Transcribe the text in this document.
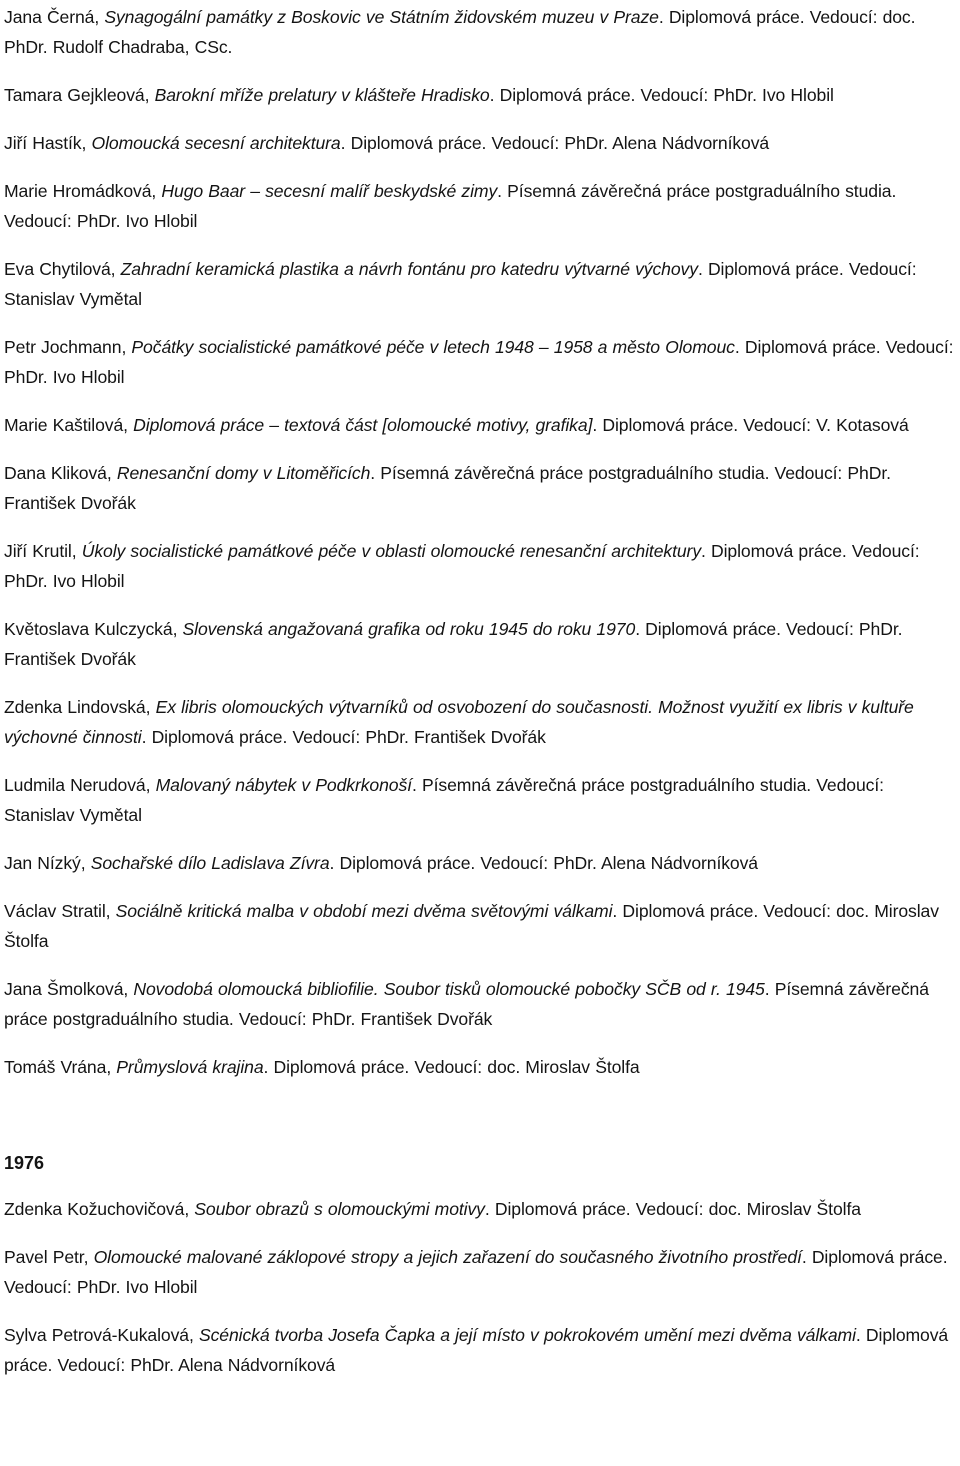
Jana Černá, Synagogální památky z Boskovic ve Státním židovském muzeu v Praze. Diplomová práce. Vedoucí: doc. PhDr. Rudolf Chadraba, CSc.

Tamara Gejkleová, Barokní mříže prelatury v klášteře Hradisko. Diplomová práce. Vedoucí: PhDr. Ivo Hlobil

Jiří Hastík, Olomoucká secesní architektura. Diplomová práce. Vedoucí: PhDr. Alena Nádvorníková

Marie Hromádková, Hugo Baar – secesní malíř beskydské zimy. Písemná závěrečná práce postgraduálního studia. Vedoucí: PhDr. Ivo Hlobil

Eva Chytilová, Zahradní keramická plastika a návrh fontánu pro katedru výtvarné výchovy. Diplomová práce. Vedoucí: Stanislav Vymětal

Petr Jochmann, Počátky socialistické památkové péče v letech 1948 – 1958 a město Olomouc. Diplomová práce. Vedoucí: PhDr. Ivo Hlobil

Marie Kaštilová, Diplomová práce – textová část [olomoucké motivy, grafika]. Diplomová práce. Vedoucí: V. Kotasová

Dana Kliková, Renesanční domy v Litoměřicích. Písemná závěrečná práce postgraduálního studia. Vedoucí: PhDr. František Dvořák

Jiří Krutil, Úkoly socialistické památkové péče v oblasti olomoucké renesanční architektury. Diplomová práce. Vedoucí: PhDr. Ivo Hlobil

Květoslava Kulczycká, Slovenská angažovaná grafika od roku 1945 do roku 1970. Diplomová práce. Vedoucí: PhDr. František Dvořák

Zdenka Lindovská, Ex libris olomouckých výtvarníků od osvobození do současnosti. Možnost využití ex libris v kultuře výchovné činnosti. Diplomová práce. Vedoucí: PhDr. František Dvořák

Ludmila Nerudová, Malovaný nábytek v Podkrkonoší. Písemná závěrečná práce postgraduálního studia. Vedoucí: Stanislav Vymětal

Jan Nízký, Sochařské dílo Ladislava Zívra. Diplomová práce. Vedoucí: PhDr. Alena Nádvorníková

Václav Stratil, Sociálně kritická malba v období mezi dvěma světovými válkami. Diplomová práce. Vedoucí: doc. Miroslav Štolfa

Jana Šmolková, Novodobá olomoucká bibliofilie. Soubor tisků olomoucké pobočky SČB od r. 1945. Písemná závěrečná práce postgraduálního studia. Vedoucí: PhDr. František Dvořák

Tomáš Vrána, Průmyslová krajina. Diplomová práce. Vedoucí: doc. Miroslav Štolfa

1976

Zdenka Kožuchovičová, Soubor obrazů s olomouckými motivy. Diplomová práce. Vedoucí: doc. Miroslav Štolfa

Pavel Petr, Olomoucké malované záklopové stropy a jejich zařazení do současného životního prostředí. Diplomová práce. Vedoucí: PhDr. Ivo Hlobil

Sylva Petrová-Kukalová, Scénická tvorba Josefa Čapka a její místo v pokrokovém umění mezi dvěma válkami. Diplomová práce. Vedoucí: PhDr. Alena Nádvorníková
